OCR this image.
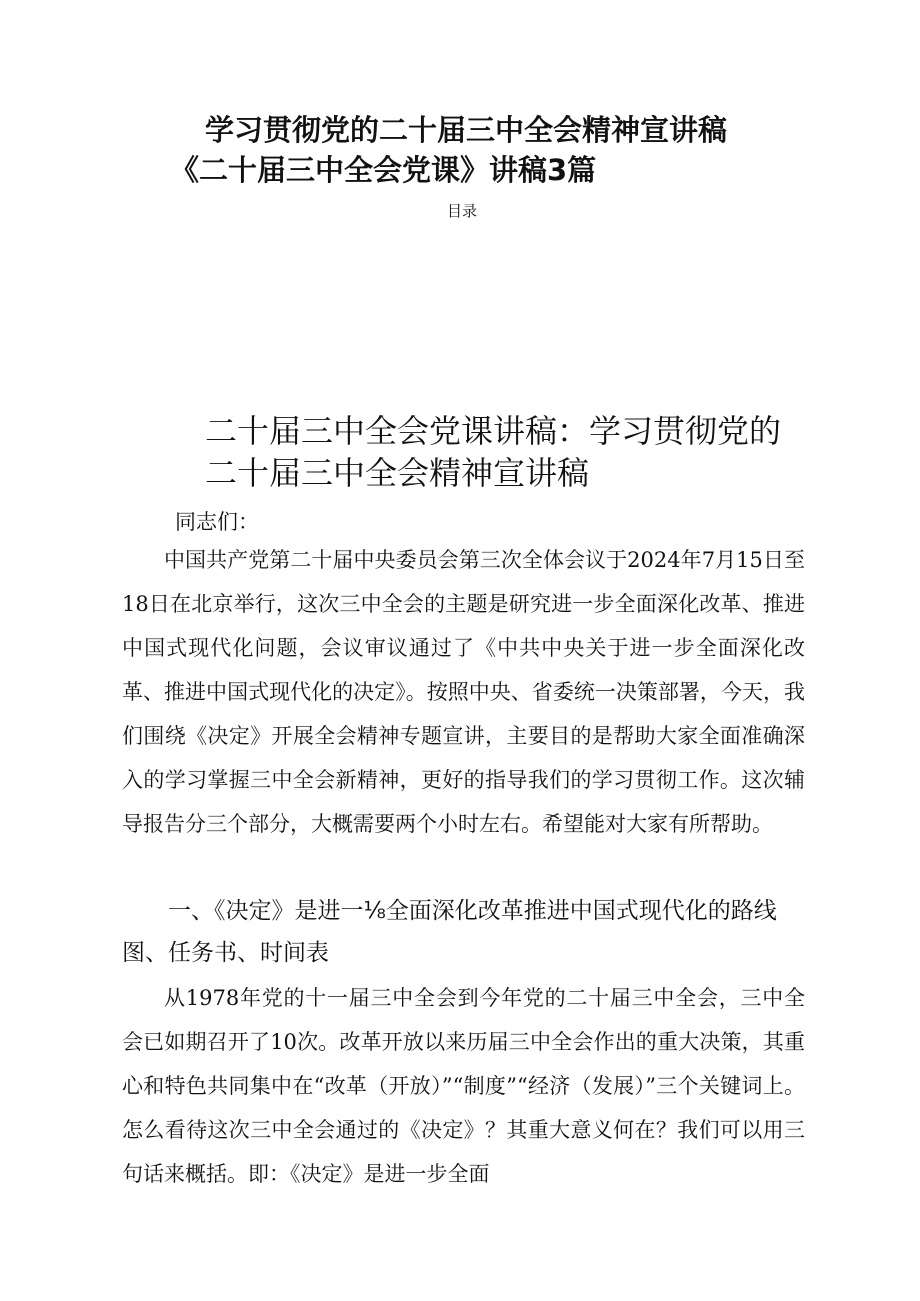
学习贯彻党的二十届三中全会精神宣讲稿
《二十届三中全会党课》讲稿3篇
目录
二十届三中全会党课讲稿：学习贯彻党的
二十届三中全会精神宣讲稿
同志们：

中国共产党第二十届中央委员会第三次全体会议于2024年7月15日至18日在北京举行，这次三中全会的主题是研究进一步全面深化改革、推进中国式现代化问题，会议审议通过了《中共中央关于进一步全面深化改革、推进中国式现代化的决定》。按照中央、省委统一决策部署，今天，我们围绕《决定》开展全会精神专题宣讲，主要目的是帮助大家全面准确深入的学习掌握三中全会新精神，更好的指导我们的学习贯彻工作。这次辅导报告分三个部分，大概需要两个小时左右。希望能对大家有所帮助。

一、《决定》是进一⅛全面深化改革推进中国式现代化的路线图、任务书、时间表

从1978年党的十一届三中全会到今年党的二十届三中全会，三中全会已如期召开了10次。改革开放以来历届三中全会作出的重大决策，其重心和特色共同集中在“改革（开放）”“制度”“经济（发展）”三个关键词上。怎么看待这次三中全会通过的《决定》？其重大意义何在？我们可以用三句话来概括。即：《决定》是进一步全面
